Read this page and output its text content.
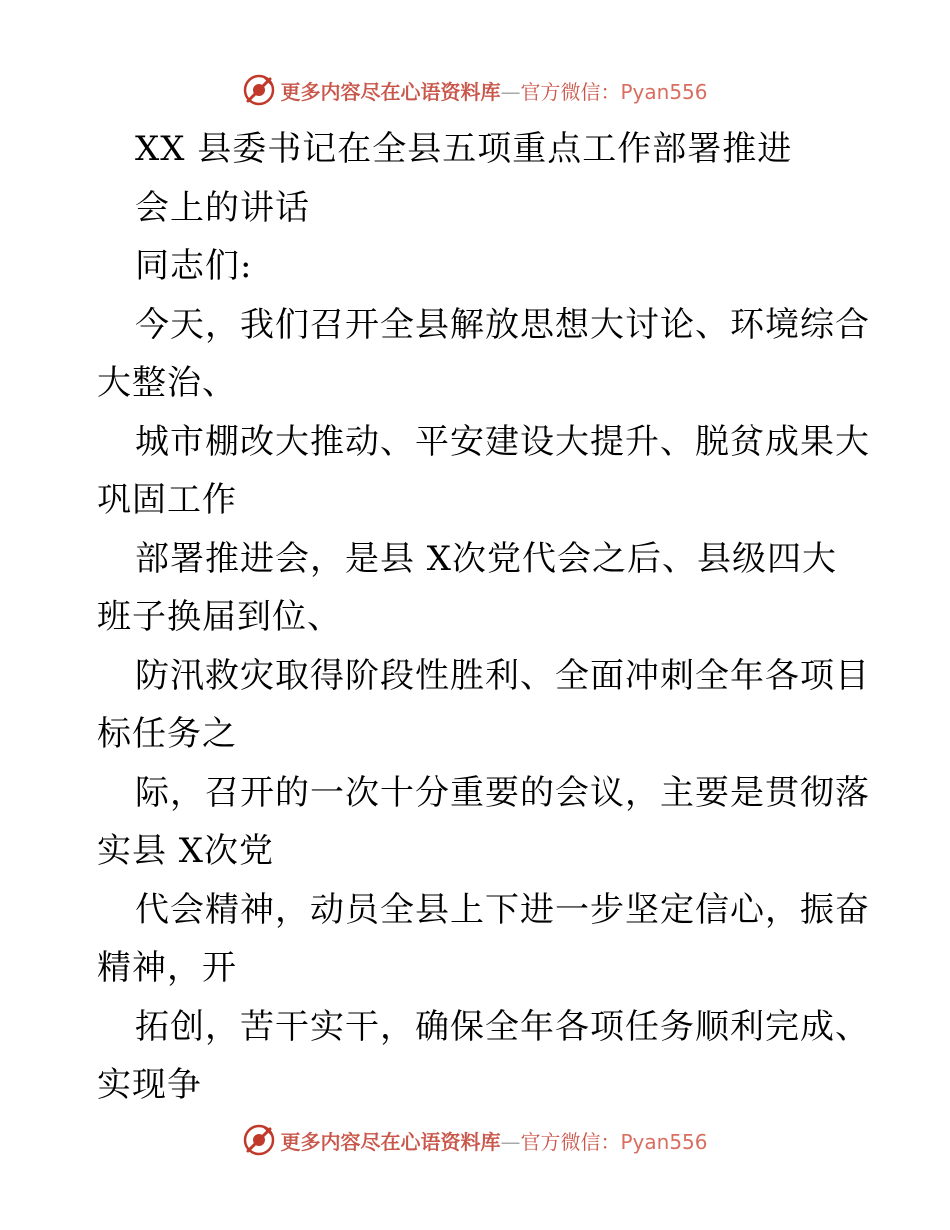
更多内容尽在心语资料库—官方微信：Pyan556
XX 县委书记在全县五项重点工作部署推进
会上的讲话
同志们:
今天，我们召开全县解放思想大讨论、环境综合
大整治、
城市棚改大推动、平安建设大提升、脱贫成果大
巩固工作
部署推进会，是县 X次党代会之后、县级四大
班子换届到位、
防汛救灾取得阶段性胜利、全面冲刺全年各项目
标任务之
际，召开的一次十分重要的会议，主要是贯彻落
实县 X次党
代会精神，动员全县上下进一步坚定信心，振奋
精神，开
拓创，苦干实干，确保全年各项任务顺利完成、
实现争
更多内容尽在心语资料库—官方微信：Pyan556
